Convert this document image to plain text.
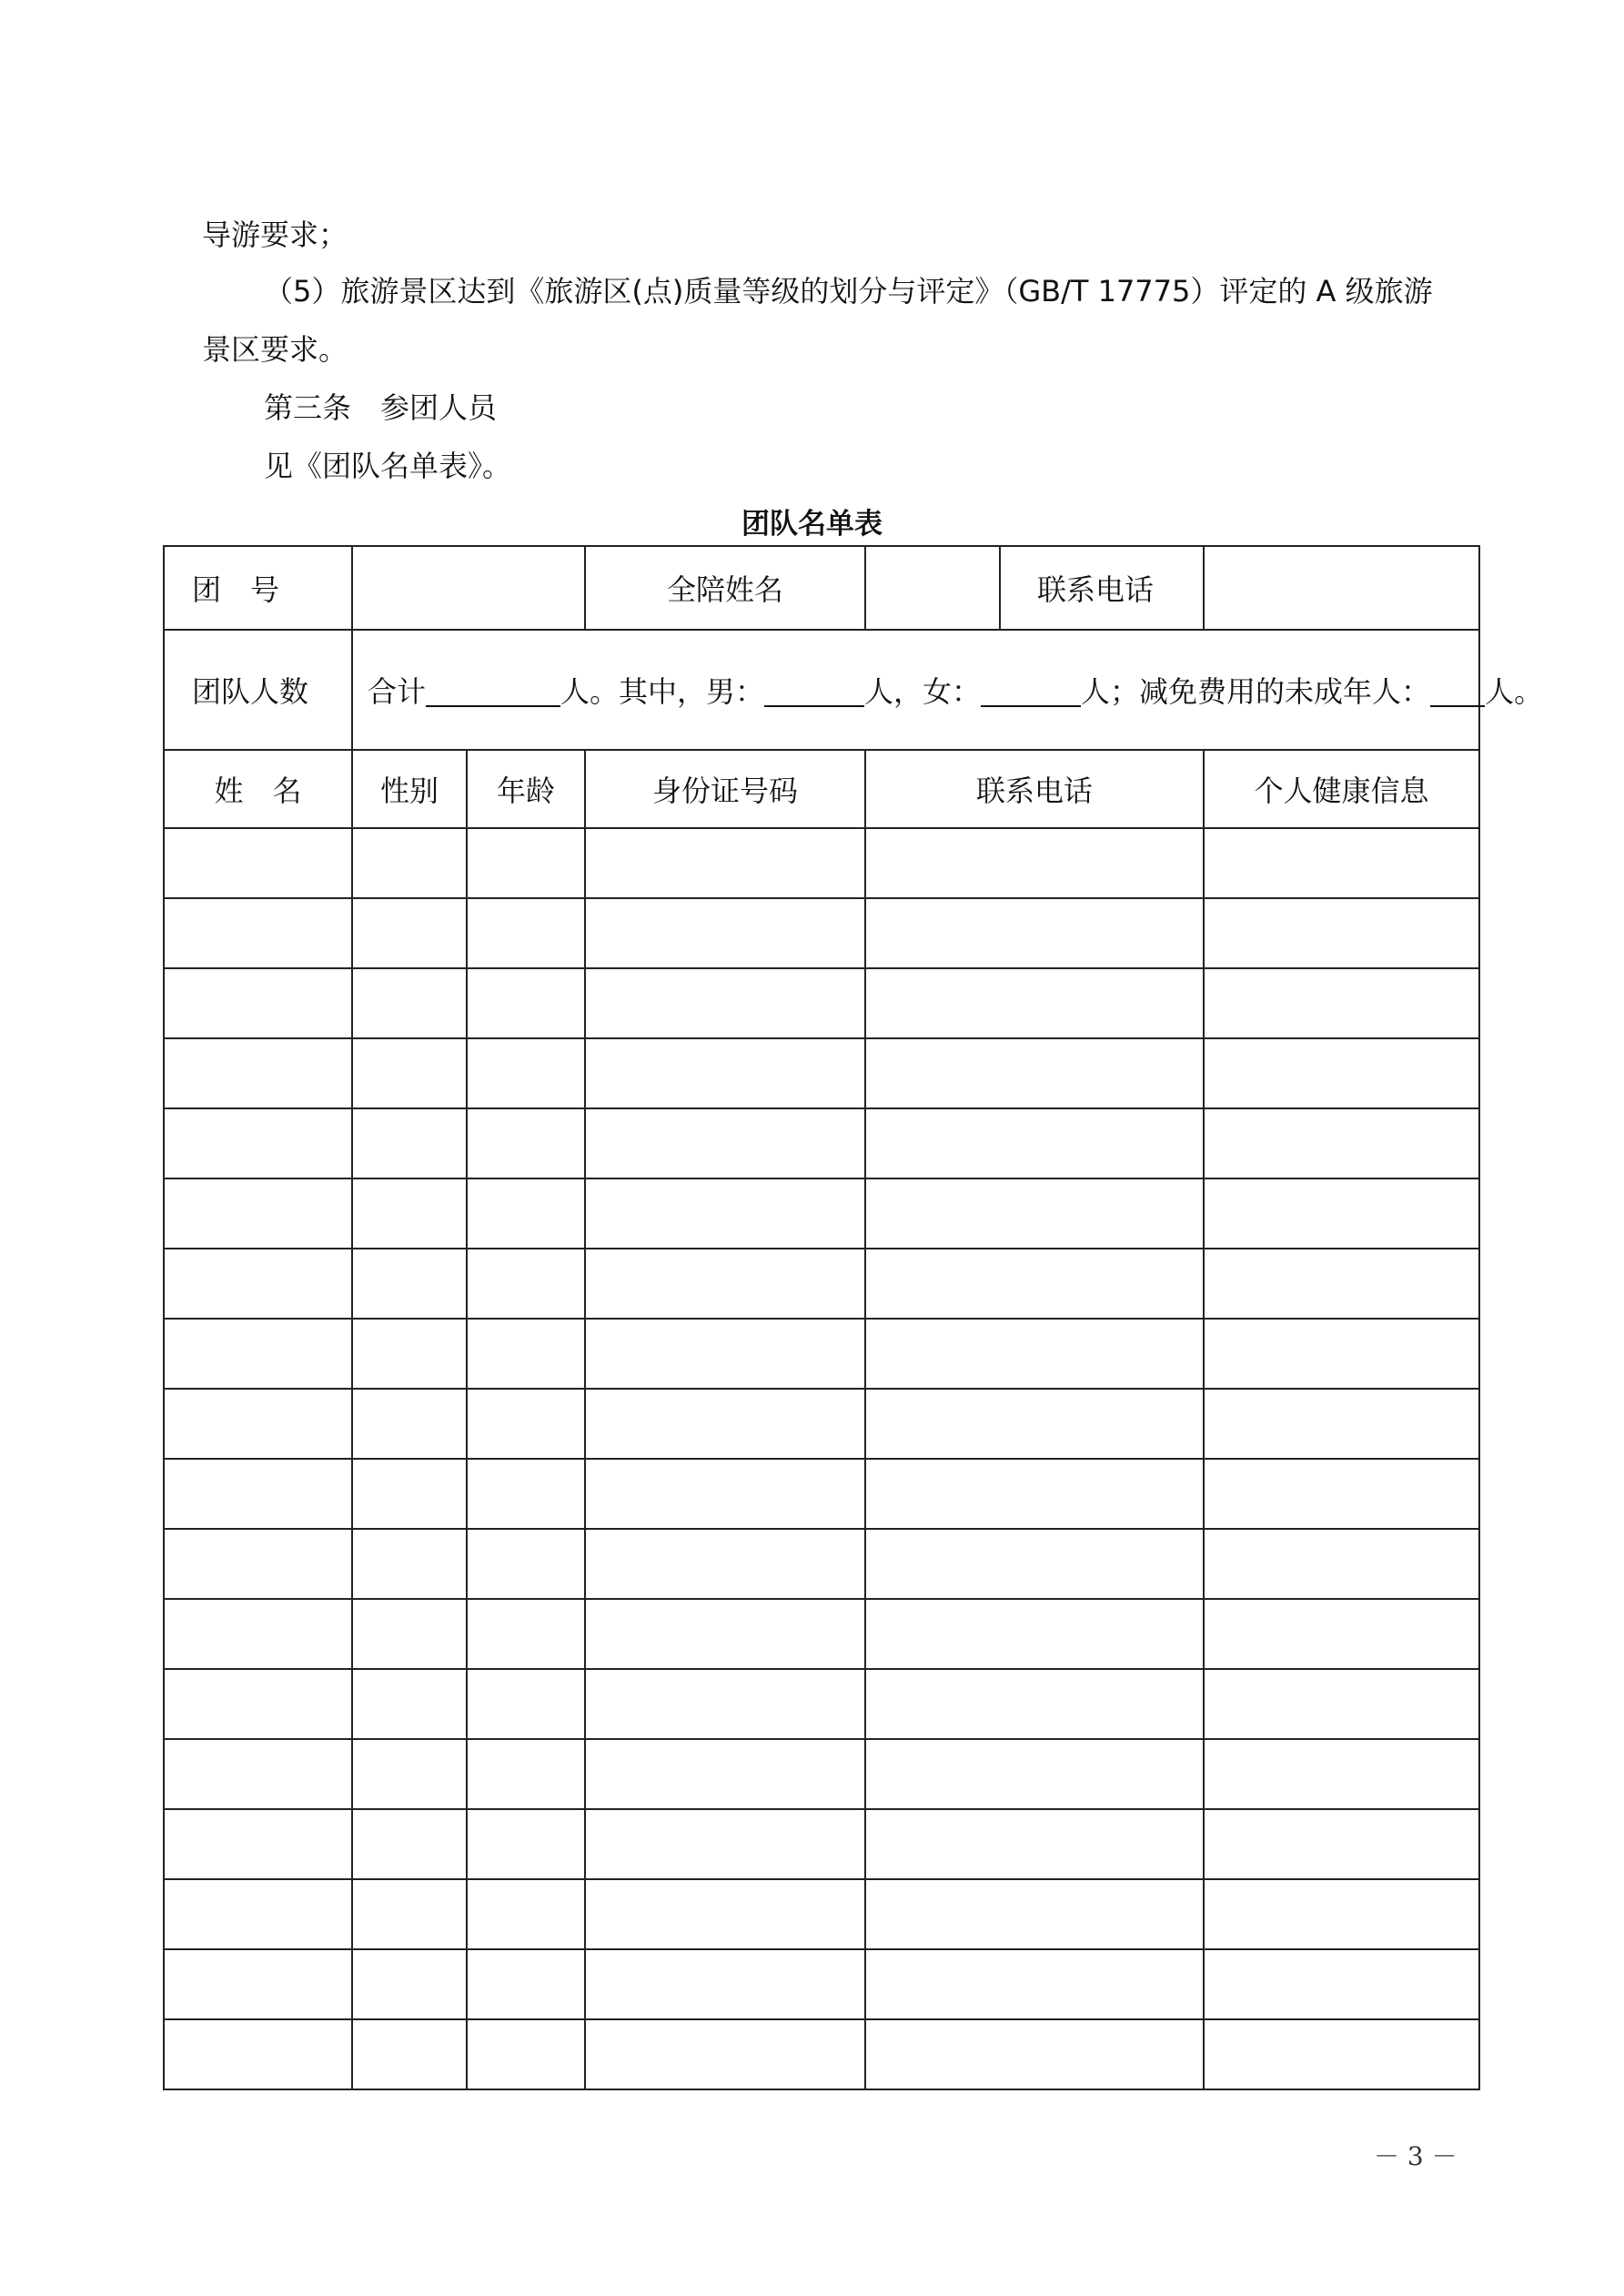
导游要求；
（5）旅游景区达到《旅游区(点)质量等级的划分与评定》（GB/T 17775）评定的 A 级旅游
景区要求。
第三条　参团人员
见《团队名单表》。
团队名单表
团　号			全陪姓名		联系电话	
团队人数	合计 人。其中，男： 人，女： 人；减免费用的未成年人： 人。					
姓　名	性别	年龄	身份证号码	联系电话		个人健康信息

－ 3 －
